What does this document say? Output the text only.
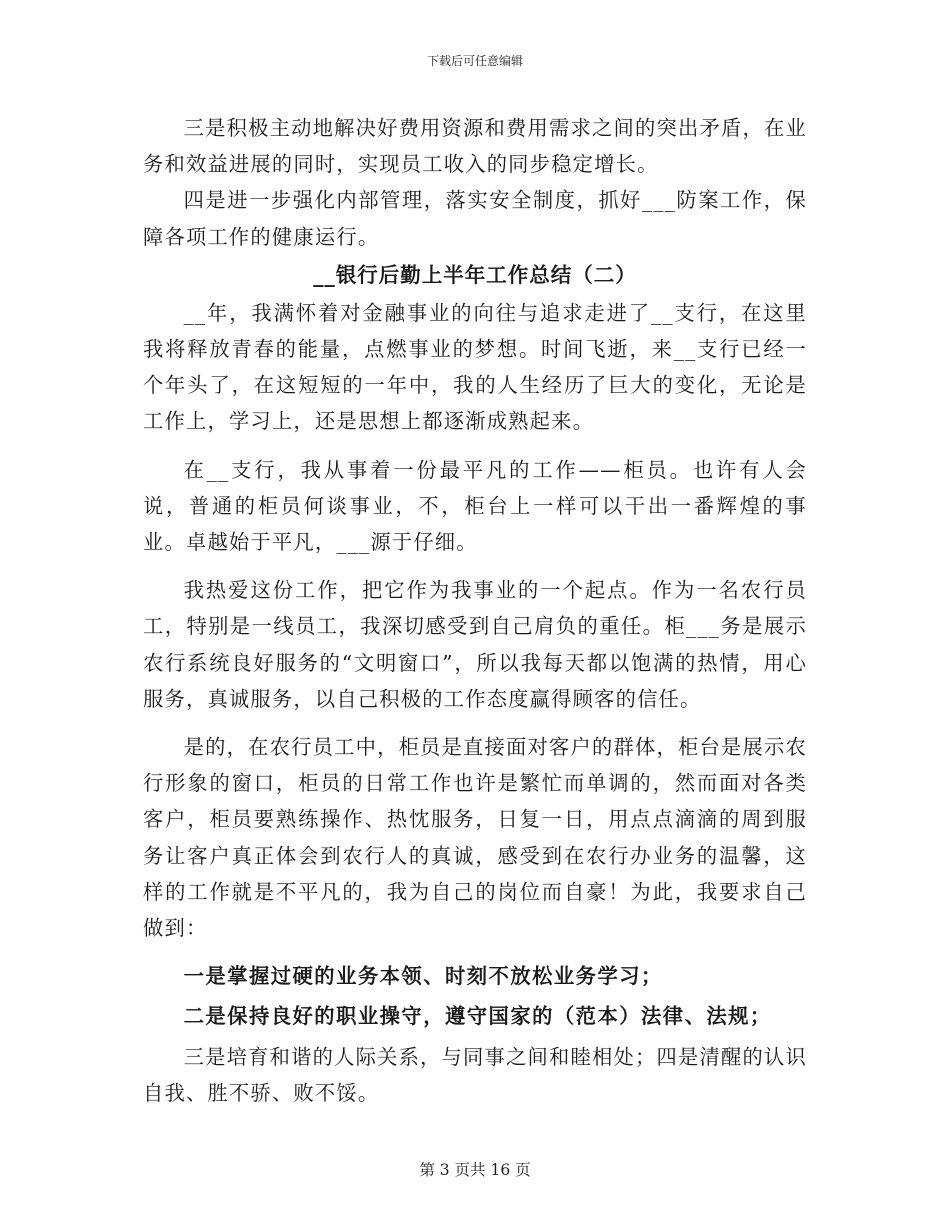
下载后可任意编辑

三是积极主动地解决好费用资源和费用需求之间的突出矛盾，在业务和效益进展的同时，实现员工收入的同步稳定增长。

四是进一步强化内部管理，落实安全制度，抓好___防案工作，保障各项工作的健康运行。

__银行后勤上半年工作总结（二）

__年，我满怀着对金融事业的向往与追求走进了__支行，在这里我将释放青春的能量，点燃事业的梦想。时间飞逝，来__支行已经一个年头了，在这短短的一年中，我的人生经历了巨大的变化，无论是工作上，学习上，还是思想上都逐渐成熟起来。

在__支行，我从事着一份最平凡的工作——柜员。也许有人会说，普通的柜员何谈事业，不，柜台上一样可以干出一番辉煌的事业。卓越始于平凡，___源于仔细。

我热爱这份工作，把它作为我事业的一个起点。作为一名农行员工，特别是一线员工，我深切感受到自己肩负的重任。柜___务是展示农行系统良好服务的“文明窗口”，所以我每天都以饱满的热情，用心服务，真诚服务，以自己积极的工作态度赢得顾客的信任。

是的，在农行员工中，柜员是直接面对客户的群体，柜台是展示农行形象的窗口，柜员的日常工作也许是繁忙而单调的，然而面对各类客户，柜员要熟练操作、热忱服务，日复一日，用点点滴滴的周到服务让客户真正体会到农行人的真诚，感受到在农行办业务的温馨，这样的工作就是不平凡的，我为自己的岗位而自豪！为此，我要求自己做到：

一是掌握过硬的业务本领、时刻不放松业务学习；

二是保持良好的职业操守，遵守国家的（范本）法律、法规；

三是培育和谐的人际关系，与同事之间和睦相处；四是清醒的认识自我、胜不骄、败不馁。

第 3 页共 16 页
